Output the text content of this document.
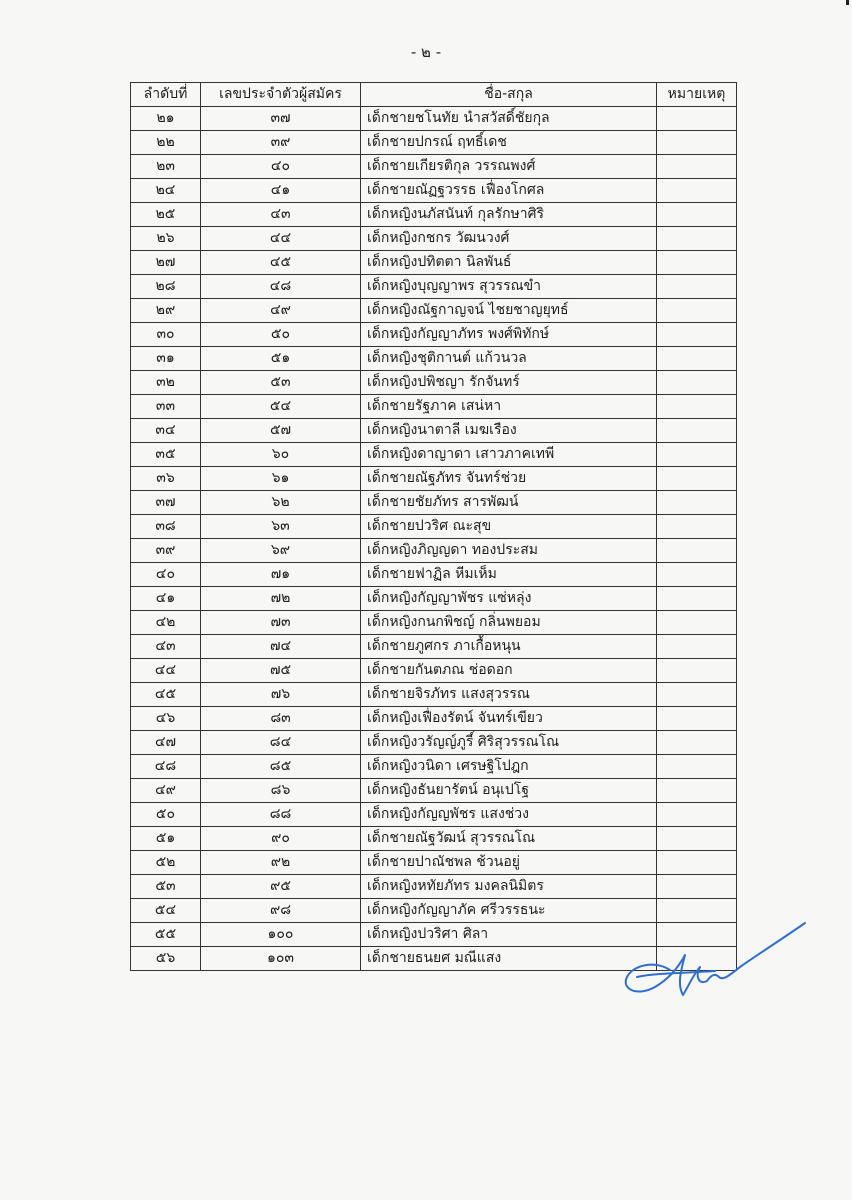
- ๒ -
ลำดับที่	เลขประจำตัวผู้สมัคร	ชื่อ-สกุล	หมายเหตุ
๒๑	๓๗	เด็กชายชโนทัย นำสวัสดิ์ชัยกุล	
๒๒	๓๙	เด็กชายปกรณ์ ฤทธิ์เดช	
๒๓	๔๐	เด็กชายเกียรติกุล วรรณพงศ์	
๒๔	๔๑	เด็กชายณัฏฐวรรธ เฟื่องโกศล	
๒๕	๔๓	เด็กหญิงนภัสนันท์ กุลรักษาศิริ	
๒๖	๔๔	เด็กหญิงกชกร วัฒนวงศ์	
๒๗	๔๕	เด็กหญิงปทิตตา นิลพันธ์	
๒๘	๔๘	เด็กหญิงบุญญาพร สุวรรณขำ	
๒๙	๔๙	เด็กหญิงณัฐกาญจน์ ไชยชาญยุทธ์	
๓๐	๕๐	เด็กหญิงกัญญาภัทร พงศ์พิทักษ์	
๓๑	๕๑	เด็กหญิงชุติกานต์ แก้วนวล	
๓๒	๕๓	เด็กหญิงปพิชญา รักจันทร์	
๓๓	๕๔	เด็กชายรัฐภาค เสน่หา	
๓๔	๕๗	เด็กหญิงนาตาลี เมฆเรือง	
๓๕	๖๐	เด็กหญิงดาญาดา เสาวภาคเทพี	
๓๖	๖๑	เด็กชายณัฐภัทร จันทร์ช่วย	
๓๗	๖๒	เด็กชายชัยภัทร สารพัฒน์	
๓๘	๖๓	เด็กชายปวริศ ณะสุข	
๓๙	๖๙	เด็กหญิงภิญญดา ทองประสม	
๔๐	๗๑	เด็กชายฟาฏิล หีมเห็ม	
๔๑	๗๒	เด็กหญิงกัญญาพัชร แซ่หลุ่ง	
๔๒	๗๓	เด็กหญิงกนกพิชญ์ กลิ่นพยอม	
๔๓	๗๔	เด็กชายภูศกร ภาเกื้อหนุน	
๔๔	๗๕	เด็กชายกันตภณ ช่อดอก	
๔๕	๗๖	เด็กชายจิรภัทร แสงสุวรรณ	
๔๖	๘๓	เด็กหญิงเฟื่องรัตน์ จันทร์เขียว	
๔๗	๘๔	เด็กหญิงวรัญญ์ภูรี์ ศิริสุวรรณโณ	
๔๘	๘๕	เด็กหญิงวนิดา เศรษฐิโปฎก	
๔๙	๘๖	เด็กหญิงธันยารัตน์ อนุเปโฐ	
๕๐	๘๘	เด็กหญิงกัญญพัชร แสงช่วง	
๕๑	๙๐	เด็กชายณัฐวัฒน์ สุวรรณโณ	
๕๒	๙๒	เด็กชายปาณัชพล ช้วนอยู่	
๕๓	๙๕	เด็กหญิงหทัยภัทร มงคลนิมิตร	
๕๔	๙๘	เด็กหญิงกัญญาภัค ศรีวรรธนะ	
๕๕	๑๐๐	เด็กหญิงปวริศา ศิลา	
๕๖	๑๐๓	เด็กชายธนยศ มณีแสง	
